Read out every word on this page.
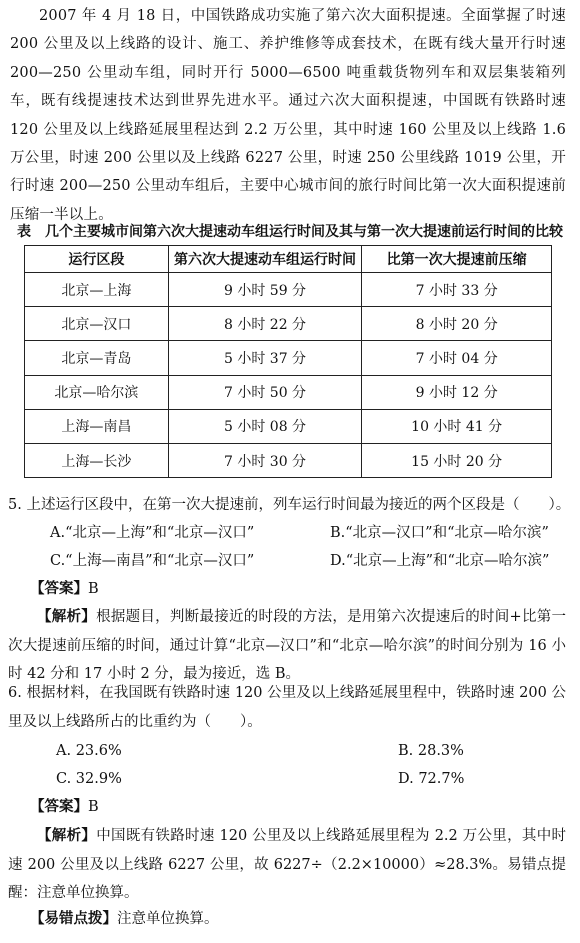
2007 年 4 月 18 日，中国铁路成功实施了第六次大面积提速。全面掌握了时速 200 公里及以上线路的设计、施工、养护维修等成套技术，在既有线大量开行时速 200—250 公里动车组，同时开行 5000—6500 吨重载货物列车和双层集装箱列车，既有线提速技术达到世界先进水平。通过六次大面积提速，中国既有铁路时速 120 公里及以上线路延展里程达到 2.2 万公里，其中时速 160 公里及以上线路 1.6 万公里，时速 200 公里以及上线路 6227 公里，时速 250 公里线路 1019 公里，开行时速 200—250 公里动车组后，主要中心城市间的旅行时间比第一次大面积提速前压缩一半以上。

表　几个主要城市间第六次大提速动车组运行时间及其与第一次大提速前运行时间的比较

运行区段	第六次大提速动车组运行时间	比第一次大提速前压缩
北京—上海	9 小时 59 分	7 小时 33 分
北京—汉口	8 小时 22 分	8 小时 20 分
北京—青岛	5 小时 37 分	7 小时 04 分
北京—哈尔滨	7 小时 50 分	9 小时 12 分
上海—南昌	5 小时 08 分	10 小时 41 分
上海—长沙	7 小时 30 分	15 小时 20 分

5. 上述运行区段中，在第一次大提速前，列车运行时间最为接近的两个区段是（　　）。

A.“北京—上海”和“北京—汉口”	B.“北京—汉口”和“北京—哈尔滨”

C.“上海—南昌”和“北京—汉口”	D.“北京—上海”和“北京—哈尔滨”

【答案】B

【解析】根据题目，判断最接近的时段的方法，是用第六次提速后的时间+比第一次大提速前压缩的时间，通过计算“北京—汉口”和“北京—哈尔滨”的时间分别为 16 小时 42 分和 17 小时 2 分，最为接近，选 B。

6. 根据材料，在我国既有铁路时速 120 公里及以上线路延展里程中，铁路时速 200 公里及以上线路所占的比重约为（　　）。

A. 23.6%	B. 28.3%

C. 32.9%	D. 72.7%

【答案】B

【解析】中国既有铁路时速 120 公里及以上线路延展里程为 2.2 万公里，其中时速 200 公里及以上线路 6227 公里，故 6227÷（2.2×10000）≈28.3%。易错点提醒：注意单位换算。

【易错点拨】注意单位换算。
